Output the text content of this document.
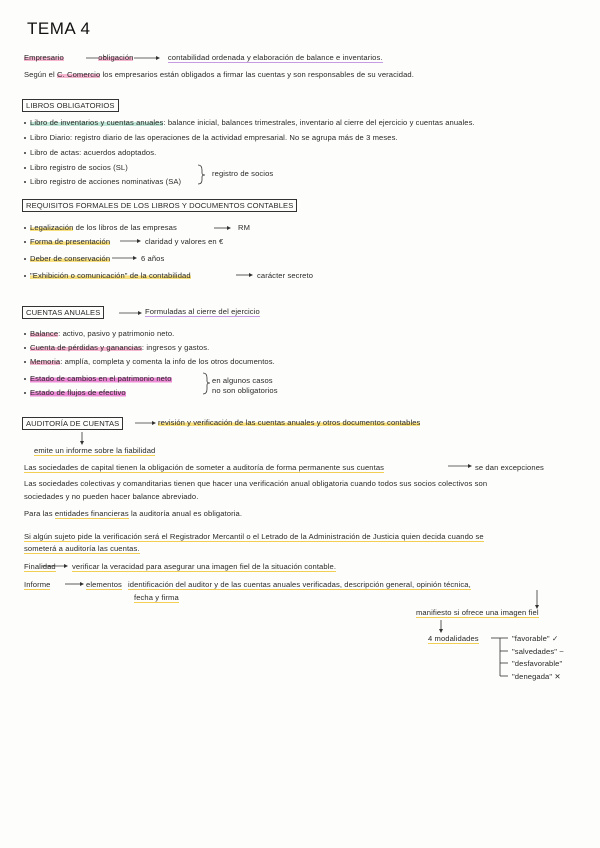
TEMA 4
Empresario	obligación	contabilidad ordenada y elaboración de balance e inventarios.
Según el C. Comercio los empresarios están obligados a firmar las cuentas y son responsables de su veracidad.
LIBROS OBLIGATORIOS
Libro de inventarios y cuentas anuales: balance inicial, balances trimestrales, inventario al cierre del ejercicio y cuentas anuales.
Libro Diario: registro diario de las operaciones de la actividad empresarial. No se agrupa más de 3 meses.
Libro de actas: acuerdos adoptados.
Libro registro de socios (SL)
Libro registro de acciones nominativas (SA)
registro de socios
REQUISITOS FORMALES DE LOS LIBROS Y DOCUMENTOS CONTABLES
Legalización de los libros de las empresas	RM
Forma de presentación	claridad y valores en €
Deber de conservación	6 años
"Exhibición o comunicación" de la contabilidad	carácter secreto
CUENTAS ANUALES	Formuladas al cierre del ejercicio
Balance: activo, pasivo y patrimonio neto.
Cuenta de pérdidas y ganancias: ingresos y gastos.
Memoria: amplía, completa y comenta la info de los otros documentos.
Estado de cambios en el patrimonio neto
Estado de flujos de efectivo
en algunos casos
no son obligatorios
AUDITORÍA DE CUENTAS	revisión y verificación de las cuentas anuales y otros documentos contables
emite un informe sobre la fiabilidad
Las sociedades de capital tienen la obligación de someter a auditoría de forma permanente sus cuentas	se dan excepciones
Las sociedades colectivas y comanditarias tienen que hacer una verificación anual obligatoria cuando todos sus socios colectivos son
sociedades y no pueden hacer balance abreviado.
Para las entidades financieras la auditoría anual es obligatoria.
Si algún sujeto pide la verificación será el Registrador Mercantil o el Letrado de la Administración de Justicia quien decida cuando se
someterá a auditoría las cuentas.
Finalidad verificar la veracidad para asegurar una imagen fiel de la situación contable.
Informe	elementos identificación del auditor y de las cuentas anuales verificadas, descripción general, opinión técnica,
fecha y firma
manifiesto si ofrece una imagen fiel
4 modalidades	"favorable" ✓
"salvedades" ~
"desfavorable"
"denegada" ✕
